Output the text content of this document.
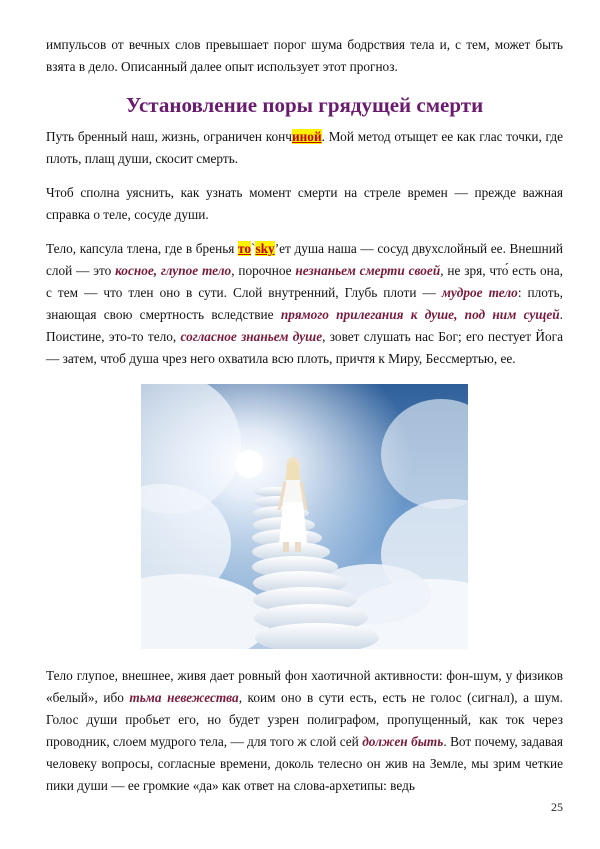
импульсов от вечных слов превышает порог шума бодрствия тела и, с тем, может быть взята в дело. Описанный далее опыт использует этот прогноз.

Установление поры грядущей смерти

Путь бренный наш, жизнь, ограничен кончиной. Мой метод отыщет ее как глас точки, где плоть, плащ души, скосит смерть.

Чтоб сполна уяснить, как узнать момент смерти на стреле времен — прежде важная справка о теле, сосуде души.

Тело, капсула тлена, где в бренья то`sky’ет душа наша — сосуд двухслойный ее. Внешний слой — это косное, глупое тело, порочное незнаньем смерти своей, не зря, что́ есть она, с тем — что тлен оно в сути. Слой внутренний, Глубь плоти — мудрое тело: плоть, знающая свою смертность вследствие прямого прилегания к душе, под ним сущей. Поистине, это-то тело, согласное знаньем душе, зовет слушать нас Бог; его пестует Йога — затем, чтоб душа чрез него охватила всю плоть, причтя к Миру, Бессмертью, ее.

Тело глупое, внешнее, живя дает ровный фон хаотичной активности: фон-шум, у физиков «белый», ибо тьма невежества, коим оно в сути есть, есть не голос (сигнал), а шум. Голос души пробьет его, но будет узрен полиграфом, пропущенный, как ток через проводник, слоем мудрого тела, — для того ж слой сей должен быть. Вот почему, задавая человеку вопросы, согласные времени, доколь телесно он жив на Земле, мы зрим четкие пики души — ее громкие «да» как ответ на слова-архетипы: ведь

25
